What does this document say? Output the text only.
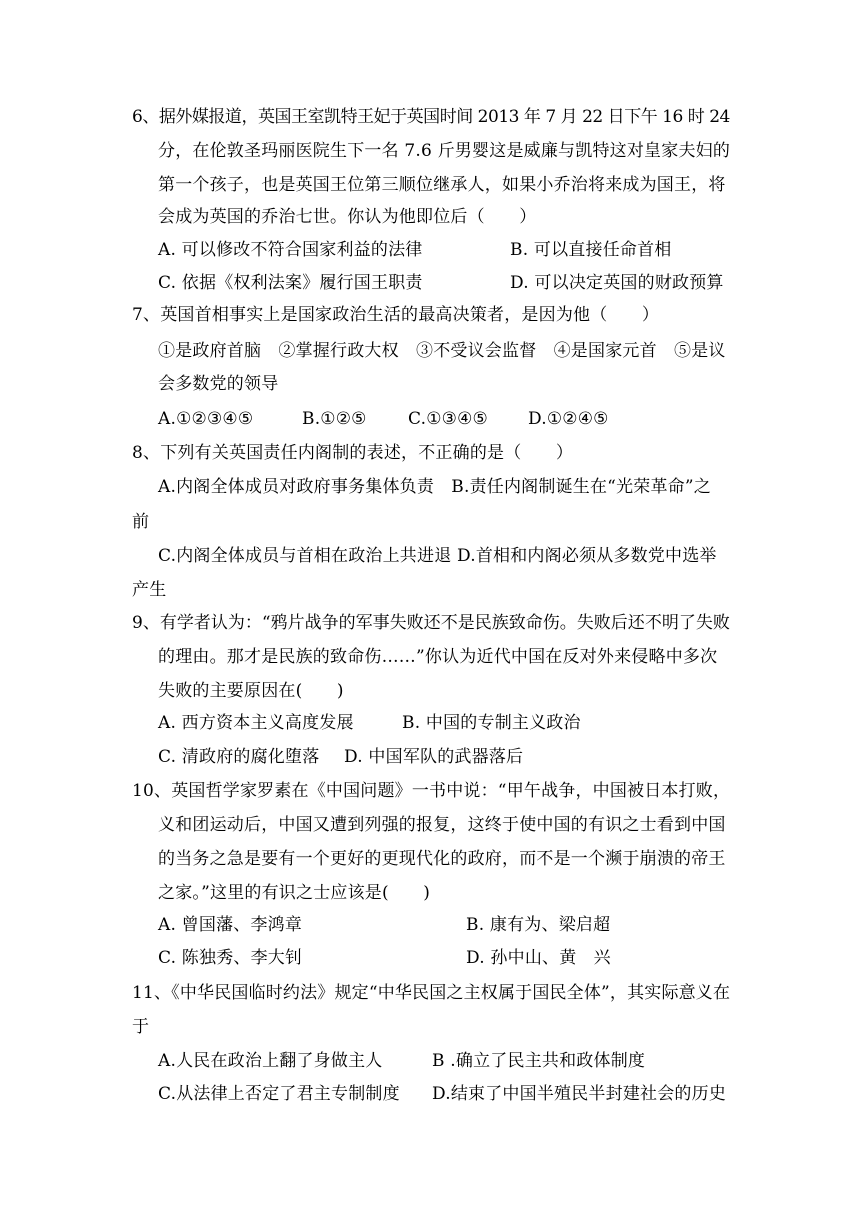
6、据外媒报道，英国王室凯特王妃于英国时间 2013 年 7 月 22 日下午 16 时 24
分，在伦敦圣玛丽医院生下一名 7.6 斤男婴这是威廉与凯特这对皇家夫妇的
第一个孩子，也是英国王位第三顺位继承人，如果小乔治将来成为国王，将
会成为英国的乔治七世。你认为他即位后（　　）

A. 可以修改不符合国家利益的法律

	B. 可以直接任命首相

C. 依据《权利法案》履行国王职责

	D. 可以决定英国的财政预算

7、英国首相事实上是国家政治生活的最高决策者，是因为他（　　）
①是政府首脑　②掌握行政大权　③不受议会监督　④是国家元首　⑤是议
会多数党的领导

A.①②③④⑤

	B.①②⑤

C.①③④⑤

D.①②④⑤

8、下列有关英国责任内阁制的表述，不正确的是（　　）
A.内阁全体成员对政府事务集体负责　B.责任内阁制诞生在“光荣革命”之
前
C.内阁全体成员与首相在政治上共进退 D.首相和内阁必须从多数党中选举
产生
9、有学者认为：“鸦片战争的军事失败还不是民族致命伤。失败后还不明了失败
的理由。那才是民族的致命伤……”你认为近代中国在反对外来侵略中多次
失败的主要原因在(　　)

A. 西方资本主义高度发展

	B. 中国的专制主义政治

C. 清政府的腐化堕落

D. 中国军队的武器落后

10、英国哲学家罗素在《中国问题》一书中说：“甲午战争，中国被日本打败，
义和团运动后，中国又遭到列强的报复，这终于使中国的有识之士看到中国
的当务之急是要有一个更好的更现代化的政府，而不是一个濒于崩溃的帝王
之家。”这里的有识之士应该是(　　)

A. 曾国藩、李鸿章

	B. 康有为、梁启超

C. 陈独秀、李大钊

	D. 孙中山、黄　兴

11、《中华民国临时约法》规定“中华民国之主权属于国民全体”，其实际意义在
于

A.人民在政治上翻了身做主人

	B .确立了民主共和政体制度

C.从法律上否定了君主专制制度

D.结束了中国半殖民半封建社会的历史
